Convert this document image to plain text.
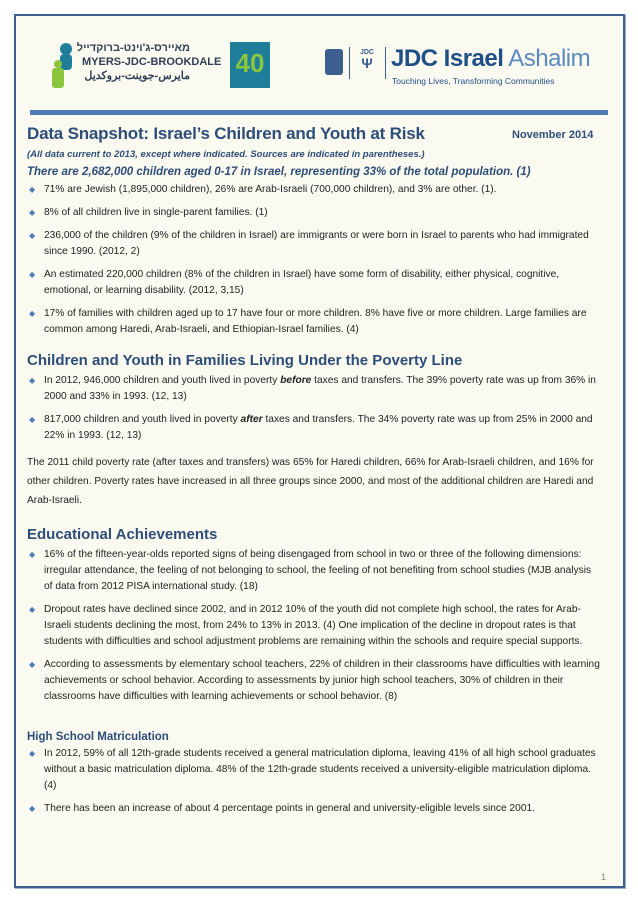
מאיירס-ג'וינט-ברוקדייל
MYERS-JDC-BROOKDALE
مايرس-جوينت-بروكديل 40	JDC
Ψ JDC Israel Ashalim
Touching Lives, Transforming Communities
Data Snapshot: Israel’s Children and Youth at Risk	November 2014
(All data current to 2013, except where indicated. Sources are indicated in parentheses.)
There are 2,682,000 children aged 0-17 in Israel, representing 33% of the total population. (1)
◆ 71% are Jewish (1,895,000 children), 26% are Arab-Israeli (700,000 children), and 3% are other. (1).
◆ 8% of all children live in single-parent families. (1)
◆ 236,000 of the children (9% of the children in Israel) are immigrants or were born in Israel to parents who had immigrated since 1990. (2012, 2)
◆ An estimated 220,000 children (8% of the children in Israel) have some form of disability, either physical, cognitive, emotional, or learning disability. (2012, 3,15)
◆ 17% of families with children aged up to 17 have four or more children. 8% have five or more children. Large families are common among Haredi, Arab-Israeli, and Ethiopian-Israel families. (4)
Children and Youth in Families Living Under the Poverty Line
◆ In 2012, 946,000 children and youth lived in poverty before taxes and transfers. The 39% poverty rate was up from 36% in 2000 and 33% in 1993. (12, 13)
◆ 817,000 children and youth lived in poverty after taxes and transfers. The 34% poverty rate was up from 25% in 2000 and 22% in 1993. (12, 13)
The 2011 child poverty rate (after taxes and transfers) was 65% for Haredi children, 66% for Arab-Israeli children, and 16% for other children. Poverty rates have increased in all three groups since 2000, and most of the additional children are Haredi and Arab-Israeli.
Educational Achievements
◆ 16% of the fifteen-year-olds reported signs of being disengaged from school in two or three of the following dimensions: irregular attendance, the feeling of not belonging to school, the feeling of not benefiting from school studies (MJB analysis of data from 2012 PISA international study. (18)
◆ Dropout rates have declined since 2002, and in 2012 10% of the youth did not complete high school, the rates for Arab-Israeli students declining the most, from 24% to 13% in 2013. (4) One implication of the decline in dropout rates is that students with difficulties and school adjustment problems are remaining within the schools and require special supports.
◆ According to assessments by elementary school teachers, 22% of children in their classrooms have difficulties with learning achievements or school behavior. According to assessments by junior high school teachers, 30% of children in their classrooms have difficulties with learning achievements or school behavior. (8)
High School Matriculation
◆ In 2012, 59% of all 12th-grade students received a general matriculation diploma, leaving 41% of all high school graduates without a basic matriculation diploma. 48% of the 12th-grade students received a university-eligible matriculation diploma. (4)
◆ There has been an increase of about 4 percentage points in general and university-eligible levels since 2001.
1
